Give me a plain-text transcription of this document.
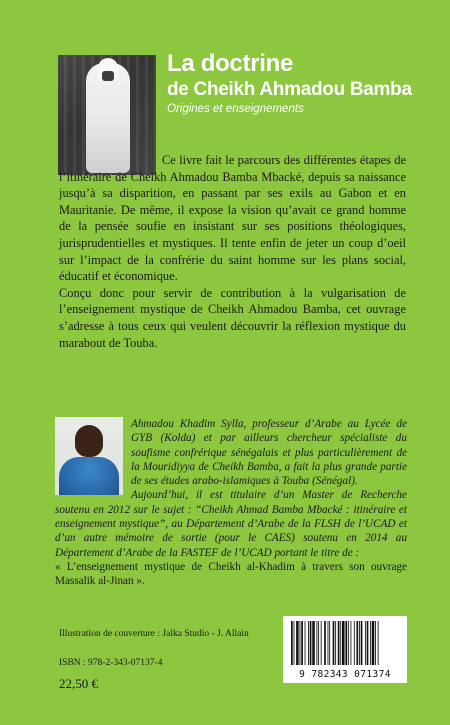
La doctrine
de Cheikh Ahmadou Bamba
Origines et enseignements

Ce livre fait le parcours des différentes étapes de l’itinéraire de Cheikh Ahmadou Bamba Mbacké, depuis sa naissance jusqu’à sa disparition, en passant par ses exils au Gabon et en Mauritanie. De même, il expose la vision qu’avait ce grand homme de la pensée soufie en insistant sur ses positions théologiques, jurisprudentielles et mystiques. Il tente enfin de jeter un coup d’oeil sur l’impact de la confrérie du saint homme sur les plans social, éducatif et économique.

Conçu donc pour servir de contribution à la vulgarisation de l’enseignement mystique de Cheikh Ahmadou Bamba, cet ouvrage s’adresse à tous ceux qui veulent découvrir la réflexion mystique du marabout de Touba.

Ahmadou Khadim Sylla, professeur d’Arabe au Lycée de GYB (Kolda) et par ailleurs chercheur spécialiste du soufisme confrérique sénégalais et plus particulièrement de la Mouridiyya de Cheikh Bamba, a fait la plus grande partie de ses études arabo-islamiques à Touba (Sénégal).

Aujourd’hui, il est titulaire d’un Master de Recherche soutenu en 2012 sur le sujet : “Cheikh Ahmad Bamba Mbacké : itinéraire et enseignement mystique”, au Département d’Arabe de la FLSH de l’UCAD et d’un autre mémoire de sortie (pour le CAES) soutenu en 2014 au Département d’Arabe de la FASTEF de l’UCAD portant le titre de :

« L’enseignement mystique de Cheikh al-Khadim à travers son ouvrage Massalik al-Jinan ».

Illustration de couverture : Jalka Studio - J. Allain
ISBN : 978-2-343-07137-4
22,50 €
9 782343 071374
